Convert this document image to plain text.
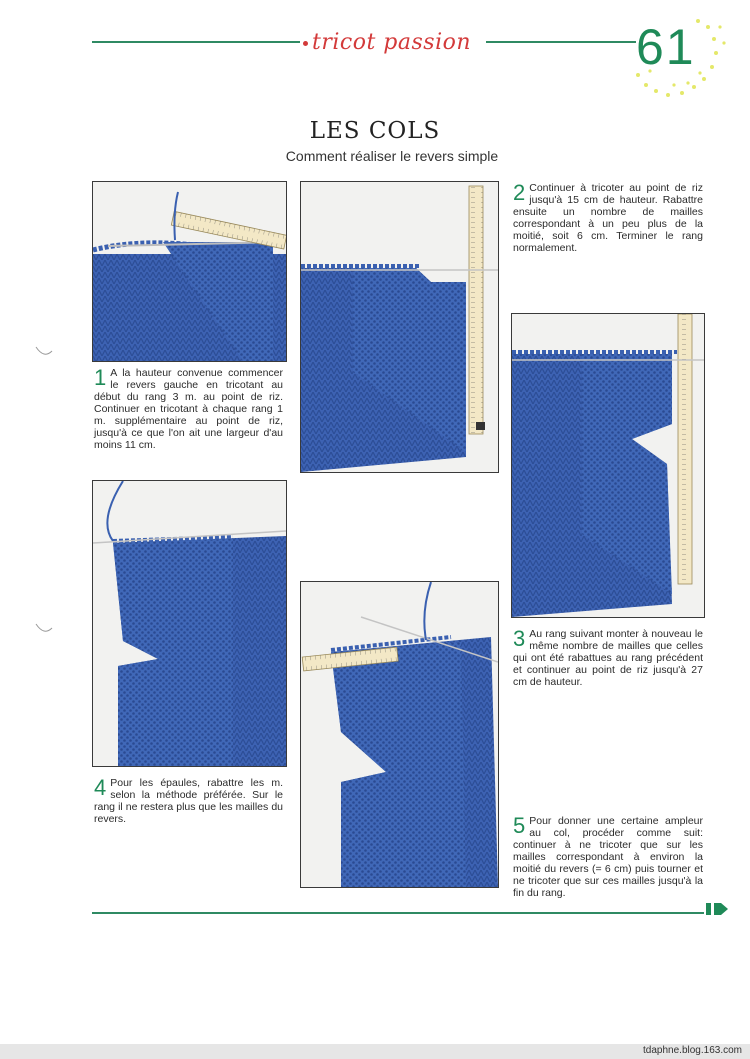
tricot passion	61
LES COLS
Comment réaliser le revers simple
1 A la hauteur convenue commencer le revers gauche en tricotant au début du rang 3 m. au point de riz. Continuer en tricotant à chaque rang 1 m. supplémentaire au point de riz, jusqu'à ce que l'on ait une largeur d'au moins 11 cm.
2 Continuer à tricoter au point de riz jusqu'à 15 cm de hauteur. Rabattre ensuite un nombre de mailles correspondant à un peu plus de la moitié, soit 6 cm. Terminer le rang normalement.
3 Au rang suivant monter à nouveau le même nombre de mailles que celles qui ont été rabattues au rang précédent et continuer au point de riz jusqu'à 27 cm de hauteur.
4 Pour les épaules, rabattre les m. selon la méthode préférée. Sur le rang il ne restera plus que les mailles du revers.	5 Pour donner une certaine ampleur au col, procéder comme suit: continuer à ne tricoter que sur les mailles correspondant à environ la moitié du revers (= 6 cm) puis tourner et ne tricoter que sur ces mailles jusqu'à la fin du rang.
tdaphne.blog.163.com
